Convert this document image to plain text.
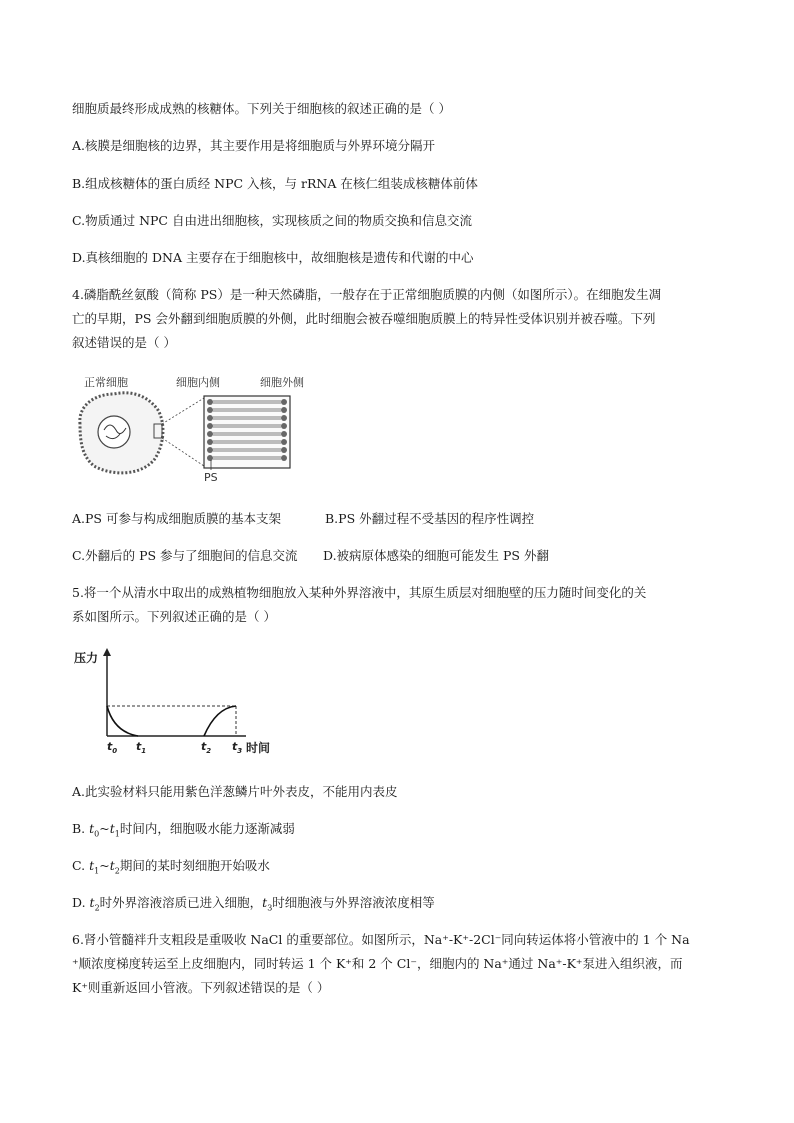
细胞质最终形成成熟的核糖体。下列关于细胞核的叙述正确的是（ ）
A.核膜是细胞核的边界，其主要作用是将细胞质与外界环境分隔开
B.组成核糖体的蛋白质经 NPC 入核，与 rRNA 在核仁组装成核糖体前体
C.物质通过 NPC 自由进出细胞核，实现核质之间的物质交换和信息交流
D.真核细胞的 DNA 主要存在于细胞核中，故细胞核是遗传和代谢的中心
4.磷脂酰丝氨酸（简称 PS）是一种天然磷脂，一般存在于正常细胞质膜的内侧（如图所示）。在细胞发生凋
亡的早期，PS 会外翻到细胞质膜的外侧，此时细胞会被吞噬细胞质膜上的特异性受体识别并被吞噬。下列
叙述错误的是（ ）
正常细胞	细胞内侧	细胞外侧
PS
A.PS 可参与构成细胞质膜的基本支架	B.PS 外翻过程不受基因的程序性调控
C.外翻后的 PS 参与了细胞间的信息交流 D.被病原体感染的细胞可能发生 PS 外翻
5.将一个从清水中取出的成熟植物细胞放入某种外界溶液中，其原生质层对细胞壁的压力随时间变化的关
系如图所示。下列叙述正确的是（ ）
压力
$t_0$ $t_1$	$t_2$ $t_3$ 时间
A.此实验材料只能用紫色洋葱鳞片叶外表皮，不能用内表皮
B. $t_0\sim t_1$时间内，细胞吸水能力逐渐减弱
C. $t_1\sim t_2$期间的某时刻细胞开始吸水
D. $t_2$时外界溶液溶质已进入细胞，$t_3$时细胞液与外界溶液浓度相等
6.肾小管髓袢升支粗段是重吸收 NaCl 的重要部位。如图所示，Na⁺-K⁺-2Cl⁻同向转运体将小管液中的 1 个 Na
⁺顺浓度梯度转运至上皮细胞内，同时转运 1 个 K⁺和 2 个 Cl⁻，细胞内的 Na⁺通过 Na⁺-K⁺泵进入组织液，而
K⁺则重新返回小管液。下列叙述错误的是（ ）
